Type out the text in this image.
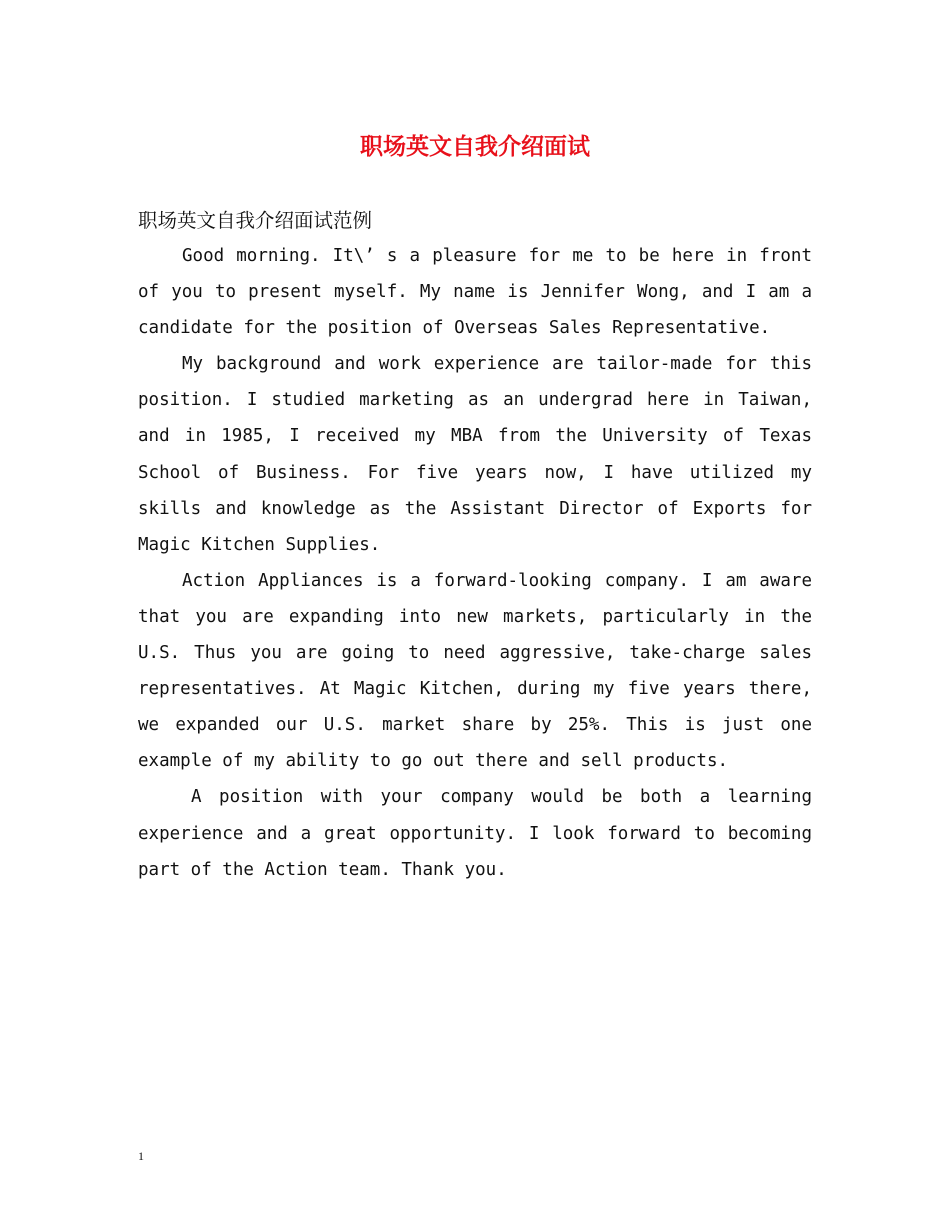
职场英文自我介绍面试

职场英文自我介绍面试范例

Good morning. It\’ s a pleasure for me to be here in front of you to present myself. My name is Jennifer Wong, and I am a candidate for the position of Overseas Sales Representative.

My background and work experience are tailor-made for this position. I studied marketing as an undergrad here in Taiwan, and in 1985, I received my MBA from the University of Texas School of Business. For five years now, I have utilized my skills and knowledge as the Assistant Director of Exports for Magic Kitchen Supplies.

Action Appliances is a forward-looking company. I am aware that you are expanding into new markets, particularly in the U.S. Thus you are going to need aggressive, take-charge sales representatives. At Magic Kitchen, during my five years there, we expanded our U.S. market share by 25%. This is just one example of my ability to go out there and sell products.

A position with your company would be both a learning experience and a great opportunity. I look forward to becoming part of the Action team. Thank you.

1
